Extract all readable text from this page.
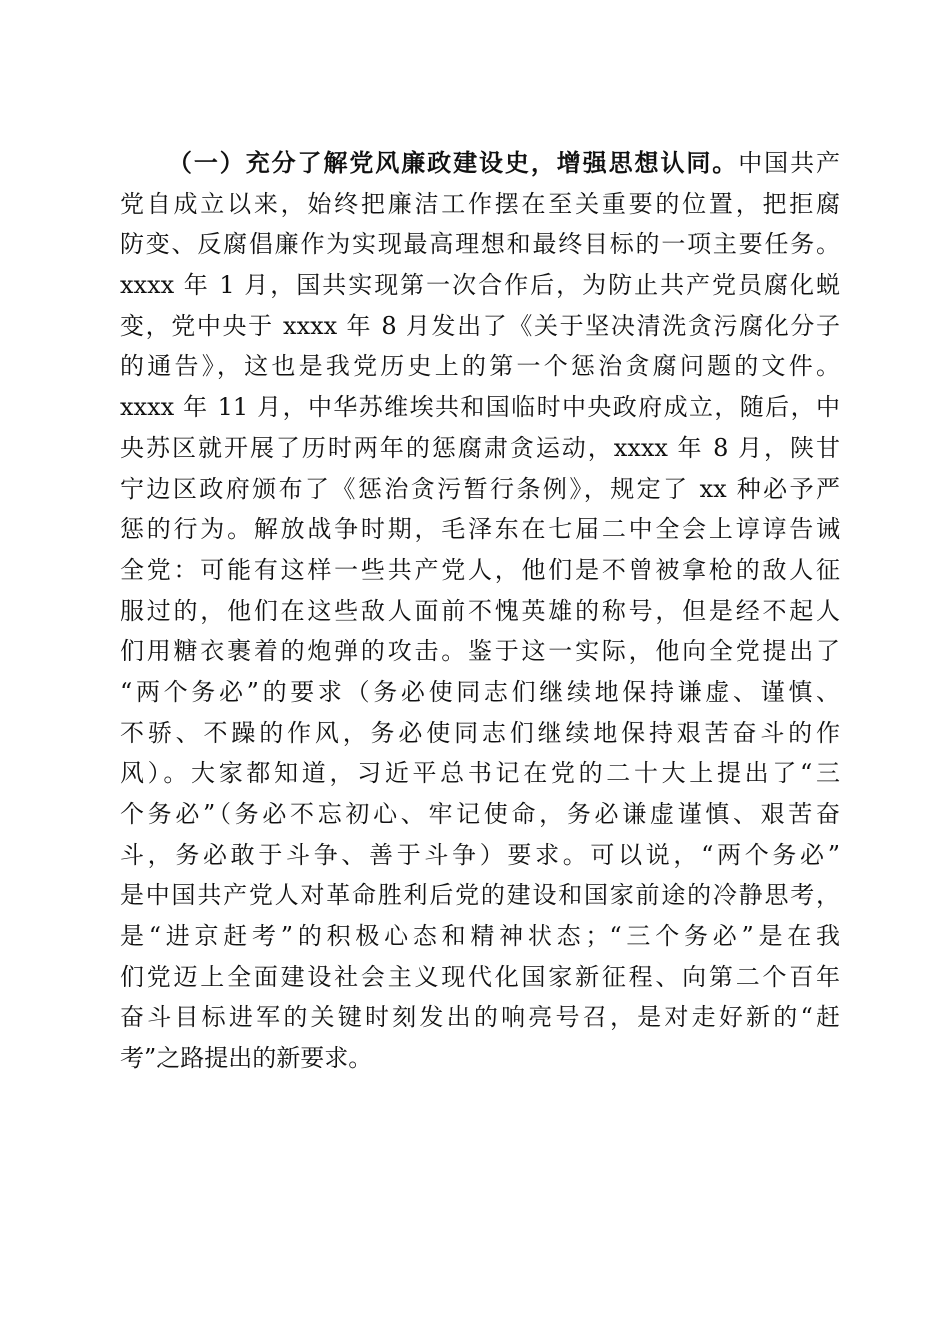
（一）充分了解党风廉政建设史，增强思想认同。中国共产
党自成立以来，始终把廉洁工作摆在至关重要的位置，把拒腐
防变、反腐倡廉作为实现最高理想和最终目标的一项主要任务。
xxxx 年 1 月，国共实现第一次合作后，为防止共产党员腐化蜕
变，党中央于 xxxx 年 8 月发出了《关于坚决清洗贪污腐化分子
的通告》，这也是我党历史上的第一个惩治贪腐问题的文件。
xxxx 年 11 月，中华苏维埃共和国临时中央政府成立，随后，中
央苏区就开展了历时两年的惩腐肃贪运动，xxxx 年 8 月，陕甘
宁边区政府颁布了《惩治贪污暂行条例》，规定了 xx 种必予严
惩的行为。解放战争时期，毛泽东在七届二中全会上谆谆告诫
全党：可能有这样一些共产党人，他们是不曾被拿枪的敌人征
服过的，他们在这些敌人面前不愧英雄的称号，但是经不起人
们用糖衣裹着的炮弹的攻击。鉴于这一实际，他向全党提出了
“两个务必”的要求（务必使同志们继续地保持谦虚、谨慎、
不骄、不躁的作风，务必使同志们继续地保持艰苦奋斗的作
风）。大家都知道，习近平总书记在党的二十大上提出了“三
个务必”（务必不忘初心、牢记使命，务必谦虚谨慎、艰苦奋
斗，务必敢于斗争、善于斗争）要求。可以说，“两个务必”
是中国共产党人对革命胜利后党的建设和国家前途的冷静思考，
是“进京赶考”的积极心态和精神状态；“三个务必”是在我
们党迈上全面建设社会主义现代化国家新征程、向第二个百年
奋斗目标进军的关键时刻发出的响亮号召，是对走好新的“赶
考”之路提出的新要求。
